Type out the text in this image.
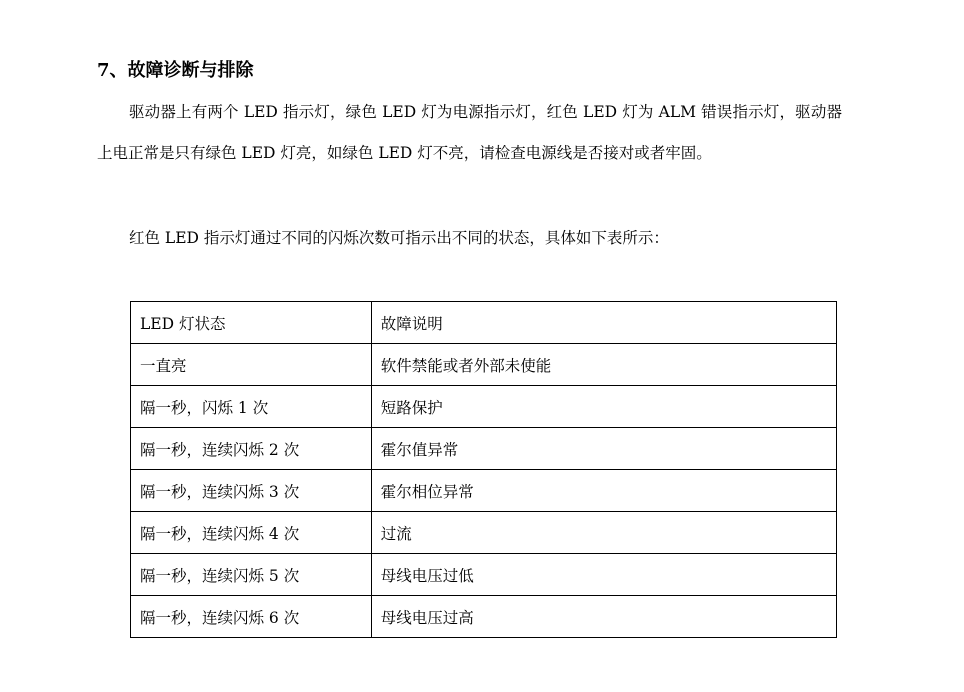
7、故障诊断与排除

驱动器上有两个 LED 指示灯，绿色 LED 灯为电源指示灯，红色 LED 灯为 ALM 错误指示灯，驱动器上电正常是只有绿色 LED 灯亮，如绿色 LED 灯不亮，请检查电源线是否接对或者牢固。

红色 LED 指示灯通过不同的闪烁次数可指示出不同的状态，具体如下表所示：

LED 灯状态	故障说明
一直亮	软件禁能或者外部未使能
隔一秒，闪烁 1 次	短路保护
隔一秒，连续闪烁 2 次	霍尔值异常
隔一秒，连续闪烁 3 次	霍尔相位异常
隔一秒，连续闪烁 4 次	过流
隔一秒，连续闪烁 5 次	母线电压过低
隔一秒，连续闪烁 6 次	母线电压过高
